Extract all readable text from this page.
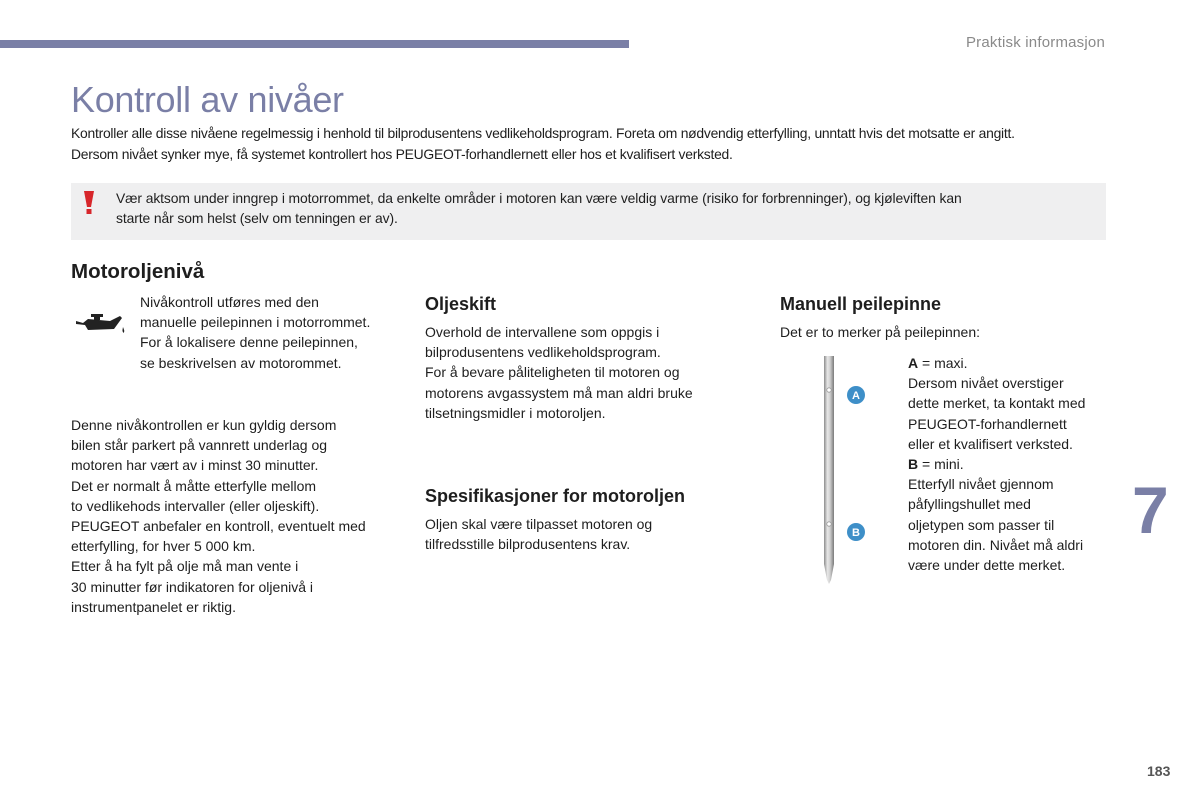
Praktisk informasjon
Kontroll av nivåer
Kontroller alle disse nivåene regelmessig i henhold til bilprodusentens vedlikeholdsprogram. Foreta om nødvendig etterfylling, unntatt hvis det motsatte er angitt.
Dersom nivået synker mye, få systemet kontrollert hos PEUGEOT-forhandlernett eller hos et kvalifisert verksted.
Vær aktsom under inngrep i motorrommet, da enkelte områder i motoren kan være veldig varme (risiko for forbrenninger), og kjøleviften kan
starte når som helst (selv om tenningen er av).
Motoroljenivå
Nivåkontroll utføres med den
manuelle peilepinnen i motorrommet.
For å lokalisere denne peilepinnen,
se beskrivelsen av motorommet.
Denne nivåkontrollen er kun gyldig dersom
bilen står parkert på vannrett underlag og
motoren har vært av i minst 30 minutter.
Det er normalt å måtte etterfylle mellom
to vedlikehods intervaller (eller oljeskift).
PEUGEOT anbefaler en kontroll, eventuelt med
etterfylling, for hver 5 000 km.
Etter å ha fylt på olje må man vente i
30 minutter før indikatoren for oljenivå i
instrumentpanelet er riktig.
Oljeskift
Overhold de intervallene som oppgis i
bilprodusentens vedlikeholdsprogram.
For å bevare påliteligheten til motoren og
motorens avgassystem må man aldri bruke
tilsetningsmidler i motoroljen.
Spesifikasjoner for motoroljen
Oljen skal være tilpasset motoren og
tilfredsstille bilprodusentens krav.
Manuell peilepinne
Det er to merker på peilepinnen:
A
B
A = maxi.
Dersom nivået overstiger
dette merket, ta kontakt med
PEUGEOT-forhandlernett
eller et kvalifisert verksted.
B = mini.
Etterfyll nivået gjennom
påfyllingshullet med
oljetypen som passer til
motoren din. Nivået må aldri
være under dette merket.
7
183
